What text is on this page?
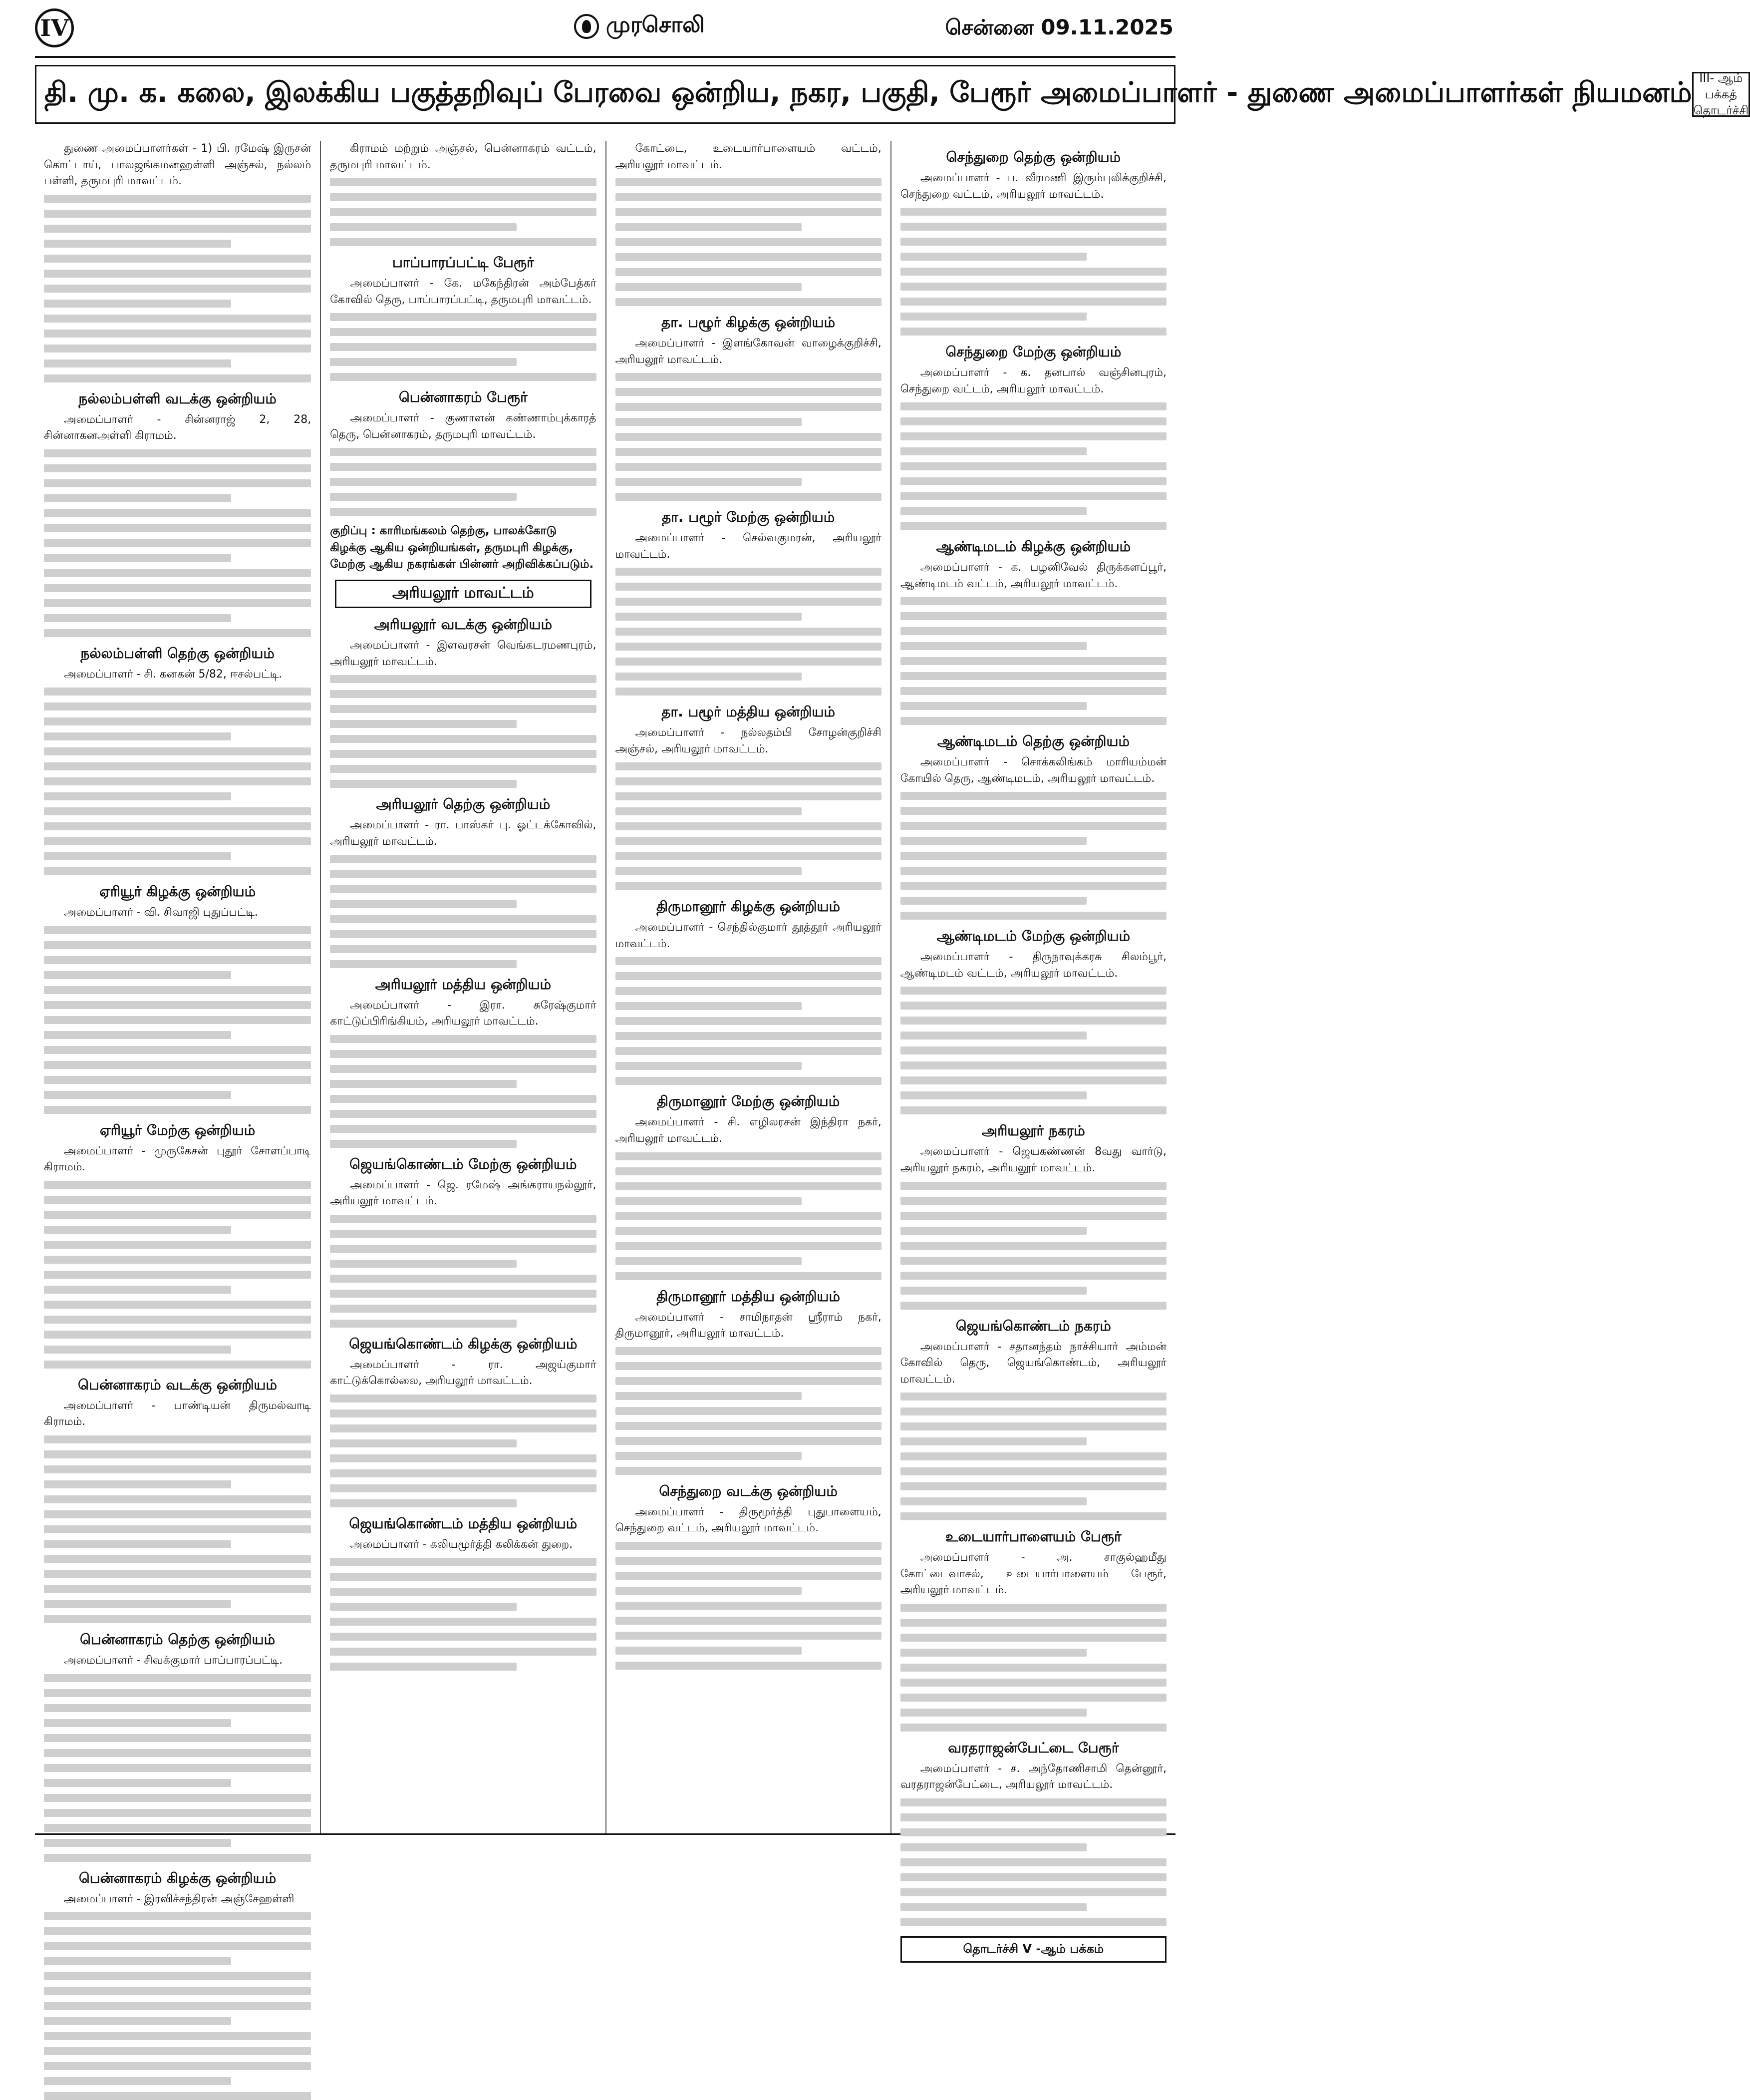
IV	முரசொலி	சென்னை 09.11.2025
தி. மு. க. கலை, இலக்கிய பகுத்தறிவுப் பேரவை ஒன்றிய, நகர, பகுதி, பேரூர் அமைப்பாளர் - துணை அமைப்பாளர்கள் நியமனம் III- ஆம் பக்கத்
தொடர்ச்சி

துணை அமைப்பாளர்கள் - 1) பி. ரமேஷ் இருசன் கொட்டாய், பாலஜங்கமனஹள்ளி அஞ்சல், நல்லம் பள்ளி, தருமபுரி மாவட்டம்.

நல்லம்பள்ளி வடக்கு ஒன்றியம்

அமைப்பாளர் - சின்னராஜ் 2, 28, சின்னாகனஅள்ளி கிராமம்.

நல்லம்பள்ளி தெற்கு ஒன்றியம்

அமைப்பாளர் - சி. கனகன் 5/82, ஈசல்பட்டி.

ஏரியூர் கிழக்கு ஒன்றியம்

அமைப்பாளர் - வி. சிவாஜி புதுப்பட்டி.

ஏரியூர் மேற்கு ஒன்றியம்

அமைப்பாளர் - முருகேசன் புதூர் சோளப்பாடி கிராமம்.

பென்னாகரம் வடக்கு ஒன்றியம்

அமைப்பாளர் - பாண்டியன் திருமல்வாடி கிராமம்.

பென்னாகரம் தெற்கு ஒன்றியம்

அமைப்பாளர் - சிவக்குமார் பாப்பாரப்பட்டி.

பென்னாகரம் கிழக்கு ஒன்றியம்

அமைப்பாளர் - இரவிச்சந்திரன் அஞ்சேஹள்ளி

கிராமம் மற்றும் அஞ்சல், பென்னாகரம் வட்டம், தருமபுரி மாவட்டம்.

பாப்பாரப்பட்டி பேரூர்

அமைப்பாளர் - கே. மகேந்திரன் அம்பேத்கர் கோவில் தெரு, பாப்பாரப்பட்டி, தருமபுரி மாவட்டம்.

பென்னாகரம் பேரூர்

அமைப்பாளர் - குணாளன் கண்ணாம்புக்காரத் தெரு, பென்னாகரம், தருமபுரி மாவட்டம்.

குறிப்பு : காரிமங்கலம் தெற்கு, பாலக்கோடு கிழக்கு ஆகிய ஒன்றியங்கள், தருமபுரி கிழக்கு, மேற்கு ஆகிய நகரங்கள் பின்னர் அறிவிக்கப்படும்.

அரியலூர் மாவட்டம்
அரியலூர் வடக்கு ஒன்றியம்

அமைப்பாளர் - இளவரசன் வெங்கடரமணபுரம், அரியலூர் மாவட்டம்.

அரியலூர் தெற்கு ஒன்றியம்

அமைப்பாளர் - ரா. பாஸ்கர் பு. ஓட்டக்கோவில், அரியலூர் மாவட்டம்.

அரியலூர் மத்திய ஒன்றியம்

அமைப்பாளர் - இரா. சுரேஷ்குமார் காட்டுப்பிரிங்கியம், அரியலூர் மாவட்டம்.

ஜெயங்கொண்டம் மேற்கு ஒன்றியம்

அமைப்பாளர் - ஜெ. ரமேஷ் அங்கராயநல்லூர், அரியலூர் மாவட்டம்.

ஜெயங்கொண்டம் கிழக்கு ஒன்றியம்

அமைப்பாளர் - ரா. அஜய்குமார் காட்டுக்கொல்லை, அரியலூர் மாவட்டம்.

ஜெயங்கொண்டம் மத்திய ஒன்றியம்

அமைப்பாளர் - கலியமூர்த்தி கலிக்கன் துறை.

கோட்டை, உடையார்பாளையம் வட்டம், அரியலூர் மாவட்டம்.

தா. பழூர் கிழக்கு ஒன்றியம்

அமைப்பாளர் - இளங்கோவன் வாழைக்குறிச்சி, அரியலூர் மாவட்டம்.

தா. பழூர் மேற்கு ஒன்றியம்

அமைப்பாளர் - செல்வகுமரன், அரியலூர் மாவட்டம்.

தா. பழூர் மத்திய ஒன்றியம்

அமைப்பாளர் - நல்லதம்பி சோழன்குறிச்சி அஞ்சல், அரியலூர் மாவட்டம்.

திருமானூர் கிழக்கு ஒன்றியம்

அமைப்பாளர் - செந்தில்குமார் தூத்தூர் அரியலூர் மாவட்டம்.

திருமானூர் மேற்கு ஒன்றியம்

அமைப்பாளர் - சி. எழிலரசன் இந்திரா நகர், அரியலூர் மாவட்டம்.

திருமானூர் மத்திய ஒன்றியம்

அமைப்பாளர் - சாமிநாதன் ஸ்ரீராம் நகர், திருமானூர், அரியலூர் மாவட்டம்.

செந்துறை வடக்கு ஒன்றியம்

அமைப்பாளர் - திருமூர்த்தி புதுபாளையம், செந்துறை வட்டம், அரியலூர் மாவட்டம்.

செந்துறை தெற்கு ஒன்றியம்

அமைப்பாளர் - ப. வீரமணி இரும்புலிக்குறிச்சி, செந்துறை வட்டம், அரியலூர் மாவட்டம்.

செந்துறை மேற்கு ஒன்றியம்

அமைப்பாளர் - க. தனபால் வஞ்சினபுரம், செந்துறை வட்டம், அரியலூர் மாவட்டம்.

ஆண்டிமடம் கிழக்கு ஒன்றியம்

அமைப்பாளர் - க. பழனிவேல் திருக்களப்பூர், ஆண்டிமடம் வட்டம், அரியலூர் மாவட்டம்.

ஆண்டிமடம் தெற்கு ஒன்றியம்

அமைப்பாளர் - சொக்கலிங்கம் மாரியம்மன் கோயில் தெரு, ஆண்டிமடம், அரியலூர் மாவட்டம்.

ஆண்டிமடம் மேற்கு ஒன்றியம்

அமைப்பாளர் - திருநாவுக்கரசு சிலம்பூர், ஆண்டிமடம் வட்டம், அரியலூர் மாவட்டம்.

அரியலூர் நகரம்

அமைப்பாளர் - ஜெயகண்ணன் 8வது வார்டு, அரியலூர் நகரம், அரியலூர் மாவட்டம்.

ஜெயங்கொண்டம் நகரம்

அமைப்பாளர் - சதானந்தம் நாச்சியார் அம்மன் கோவில் தெரு, ஜெயங்கொண்டம், அரியலூர் மாவட்டம்.

உடையார்பாளையம் பேரூர்

அமைப்பாளர் - அ. சாகுல்ஹமீது கோட்டைவாசல், உடையார்பாளையம் பேரூர், அரியலூர் மாவட்டம்.

வரதராஜன்பேட்டை பேரூர்

அமைப்பாளர் - ச. அந்தோணிசாமி தென்னூர், வரதராஜன்பேட்டை, அரியலூர் மாவட்டம்.

தொடர்ச்சி V -ஆம் பக்கம்
